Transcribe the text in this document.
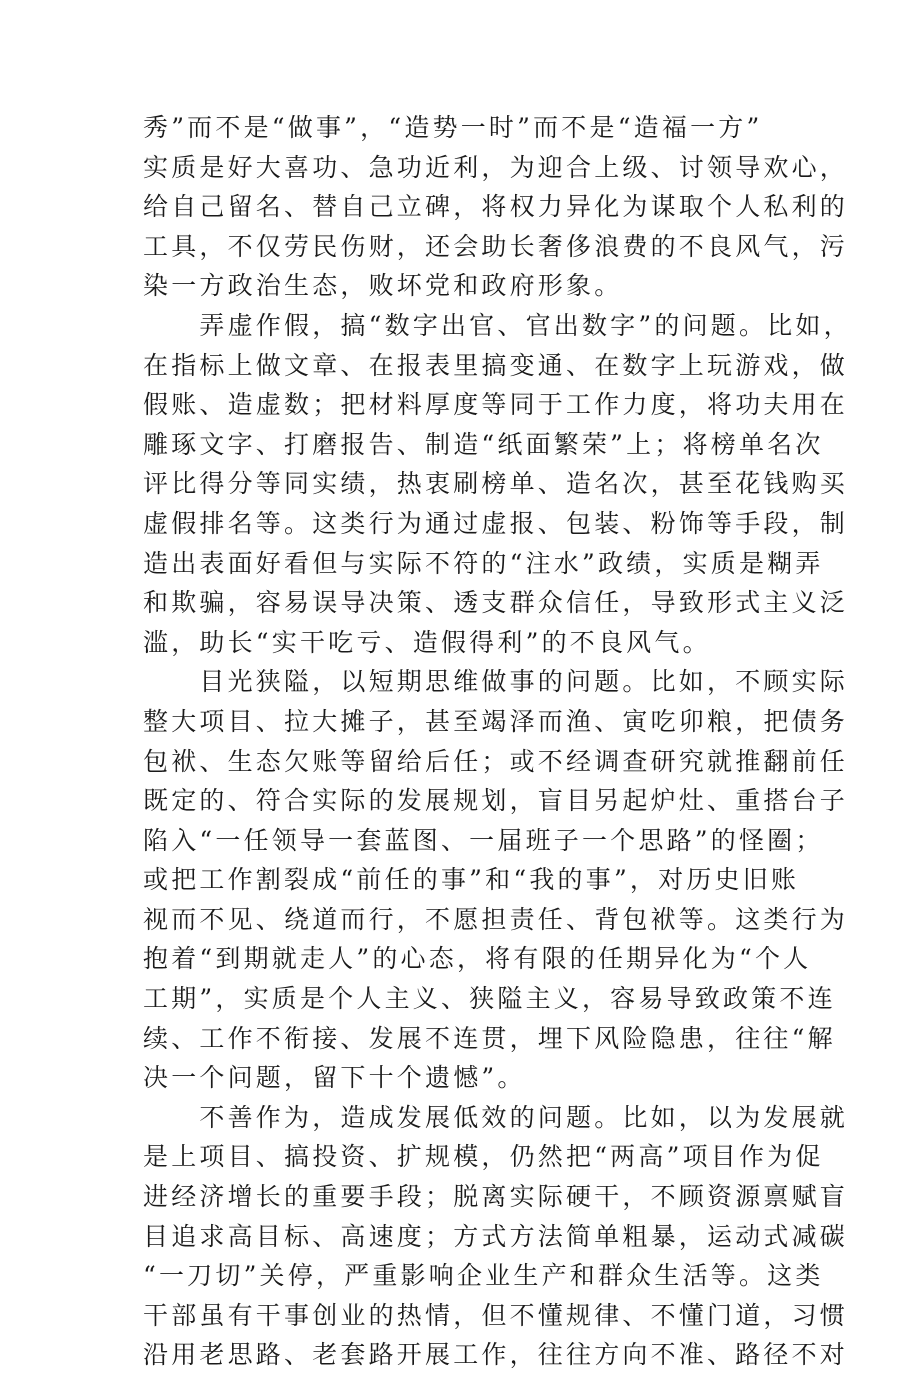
秀”而不是“做事”，“造势一时”而不是“造福一方”
实质是好大喜功、急功近利，为迎合上级、讨领导欢心，
给自己留名、替自己立碑，将权力异化为谋取个人私利的
工具，不仅劳民伤财，还会助长奢侈浪费的不良风气，污
染一方政治生态，败坏党和政府形象。
　　弄虚作假，搞“数字出官、官出数字”的问题。比如，
在指标上做文章、在报表里搞变通、在数字上玩游戏，做
假账、造虚数；把材料厚度等同于工作力度，将功夫用在
雕琢文字、打磨报告、制造“纸面繁荣”上；将榜单名次
评比得分等同实绩，热衷刷榜单、造名次，甚至花钱购买
虚假排名等。这类行为通过虚报、包装、粉饰等手段，制
造出表面好看但与实际不符的“注水”政绩，实质是糊弄
和欺骗，容易误导决策、透支群众信任，导致形式主义泛
滥，助长“实干吃亏、造假得利”的不良风气。
　　目光狭隘，以短期思维做事的问题。比如，不顾实际
整大项目、拉大摊子，甚至竭泽而渔、寅吃卯粮，把债务
包袱、生态欠账等留给后任；或不经调查研究就推翻前任
既定的、符合实际的发展规划，盲目另起炉灶、重搭台子
陷入“一任领导一套蓝图、一届班子一个思路”的怪圈；
或把工作割裂成“前任的事”和“我的事”，对历史旧账
视而不见、绕道而行，不愿担责任、背包袱等。这类行为
抱着“到期就走人”的心态，将有限的任期异化为“个人
工期”，实质是个人主义、狭隘主义，容易导致政策不连
续、工作不衔接、发展不连贯，埋下风险隐患，往往“解
决一个问题，留下十个遗憾”。
　　不善作为，造成发展低效的问题。比如，以为发展就
是上项目、搞投资、扩规模，仍然把“两高”项目作为促
进经济增长的重要手段；脱离实际硬干，不顾资源禀赋盲
目追求高目标、高速度；方式方法简单粗暴，运动式减碳
“一刀切”关停，严重影响企业生产和群众生活等。这类
干部虽有干事创业的热情，但不懂规律、不懂门道，习惯
沿用老思路、老套路开展工作，往往方向不准、路径不对
